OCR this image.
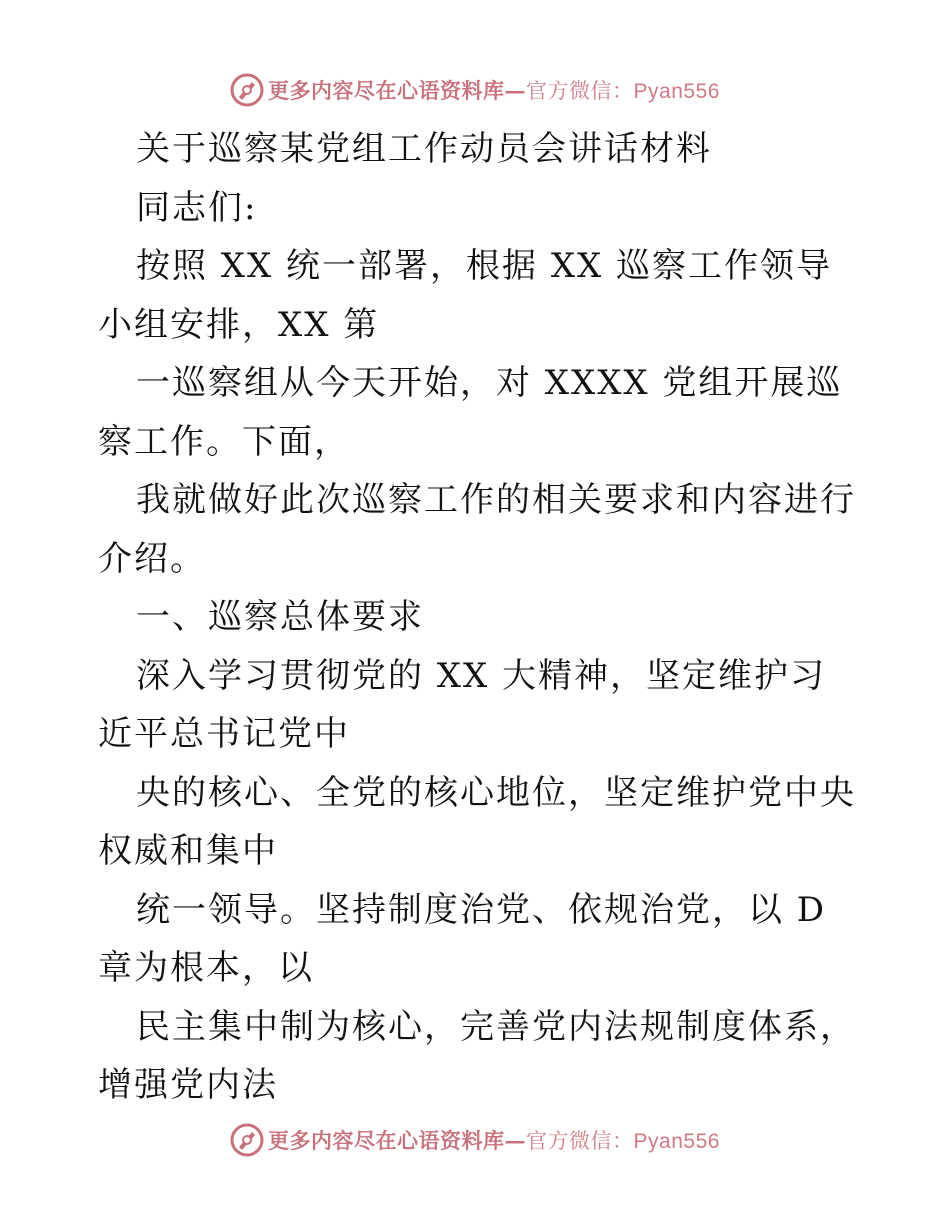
更多内容尽在心语资料库—官方微信：Pyan556

关于巡察某党组工作动员会讲话材料

同志们:

按照 XX 统一部署，根据 XX 巡察工作领导小组安排，XX 第

一巡察组从今天开始，对 XXXX 党组开展巡察工作。下面，

我就做好此次巡察工作的相关要求和内容进行介绍。

一、巡察总体要求

深入学习贯彻党的 XX 大精神，坚定维护习近平总书记党中

央的核心、全党的核心地位，坚定维护党中央权威和集中

统一领导。坚持制度治党、依规治党，以 D 章为根本，以

民主集中制为核心，完善党内法规制度体系，增强党内法

更多内容尽在心语资料库—官方微信：Pyan556
